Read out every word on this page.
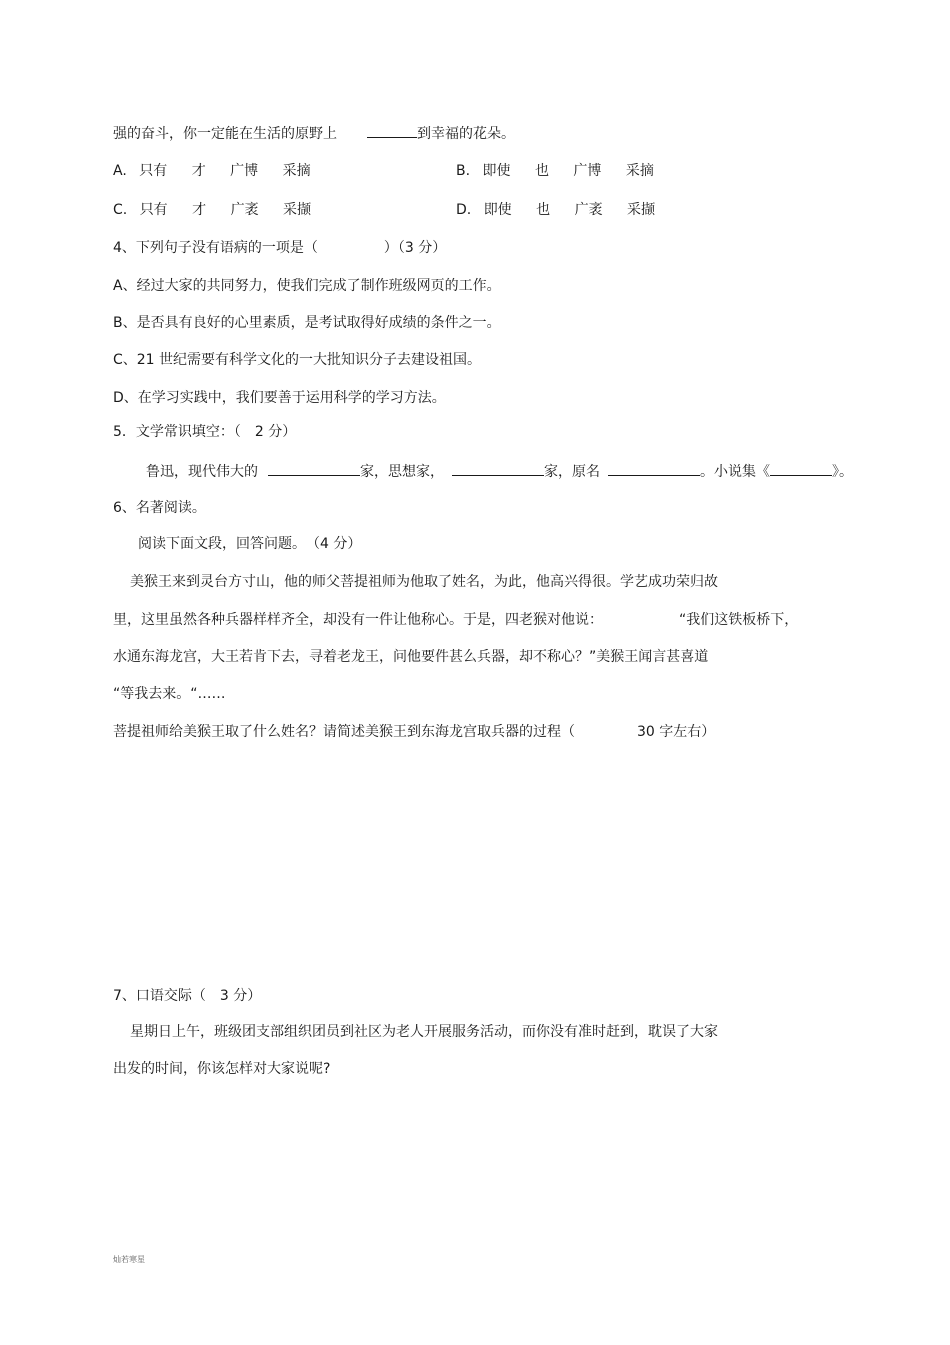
强的奋斗，你一定能在生活的原野上	到幸福的花朵。
A. 只有 才 广博 采摘	B. 即使 也 广博 采摘
C. 只有 才 广袤 采撷	D. 即使 也 广袤 采撷
4、下列句子没有语病的一项是（	）（3 分）
A、经过大家的共同努力，使我们完成了制作班级网页的工作。
B、是否具有良好的心里素质，是考试取得好成绩的条件之一。
C、21 世纪需要有科学文化的一大批知识分子去建设祖国。
D、在学习实践中，我们要善于运用科学的学习方法。
5．文学常识填空：（　2 分）
鲁迅，现代伟大的	家，思想家，	家，原名	。小说集《	》。
6、名著阅读。
阅读下面文段，回答问题。　（4 分）
美猴王来到灵台方寸山，他的师父菩提祖师为他取了姓名，为此，他高兴得很。学艺成功荣归故
里，这里虽然各种兵器样样齐全，却没有一件让他称心。于是，四老猴对他说：	“我们这铁板桥下，
水通东海龙宫，大王若肯下去，寻着老龙王，问他要件甚么兵器，却不称心？”美猴王闻言甚喜道
“等我去来。“……
菩提祖师给美猴王取了什么姓名？请简述美猴王到东海龙宫取兵器的过程（	30 字左右）
7、口语交际（　3 分）
星期日上午，班级团支部组织团员到社区为老人开展服务活动，而你没有准时赶到，耽误了大家
出发的时间，你该怎样对大家说呢?
灿若寒星
